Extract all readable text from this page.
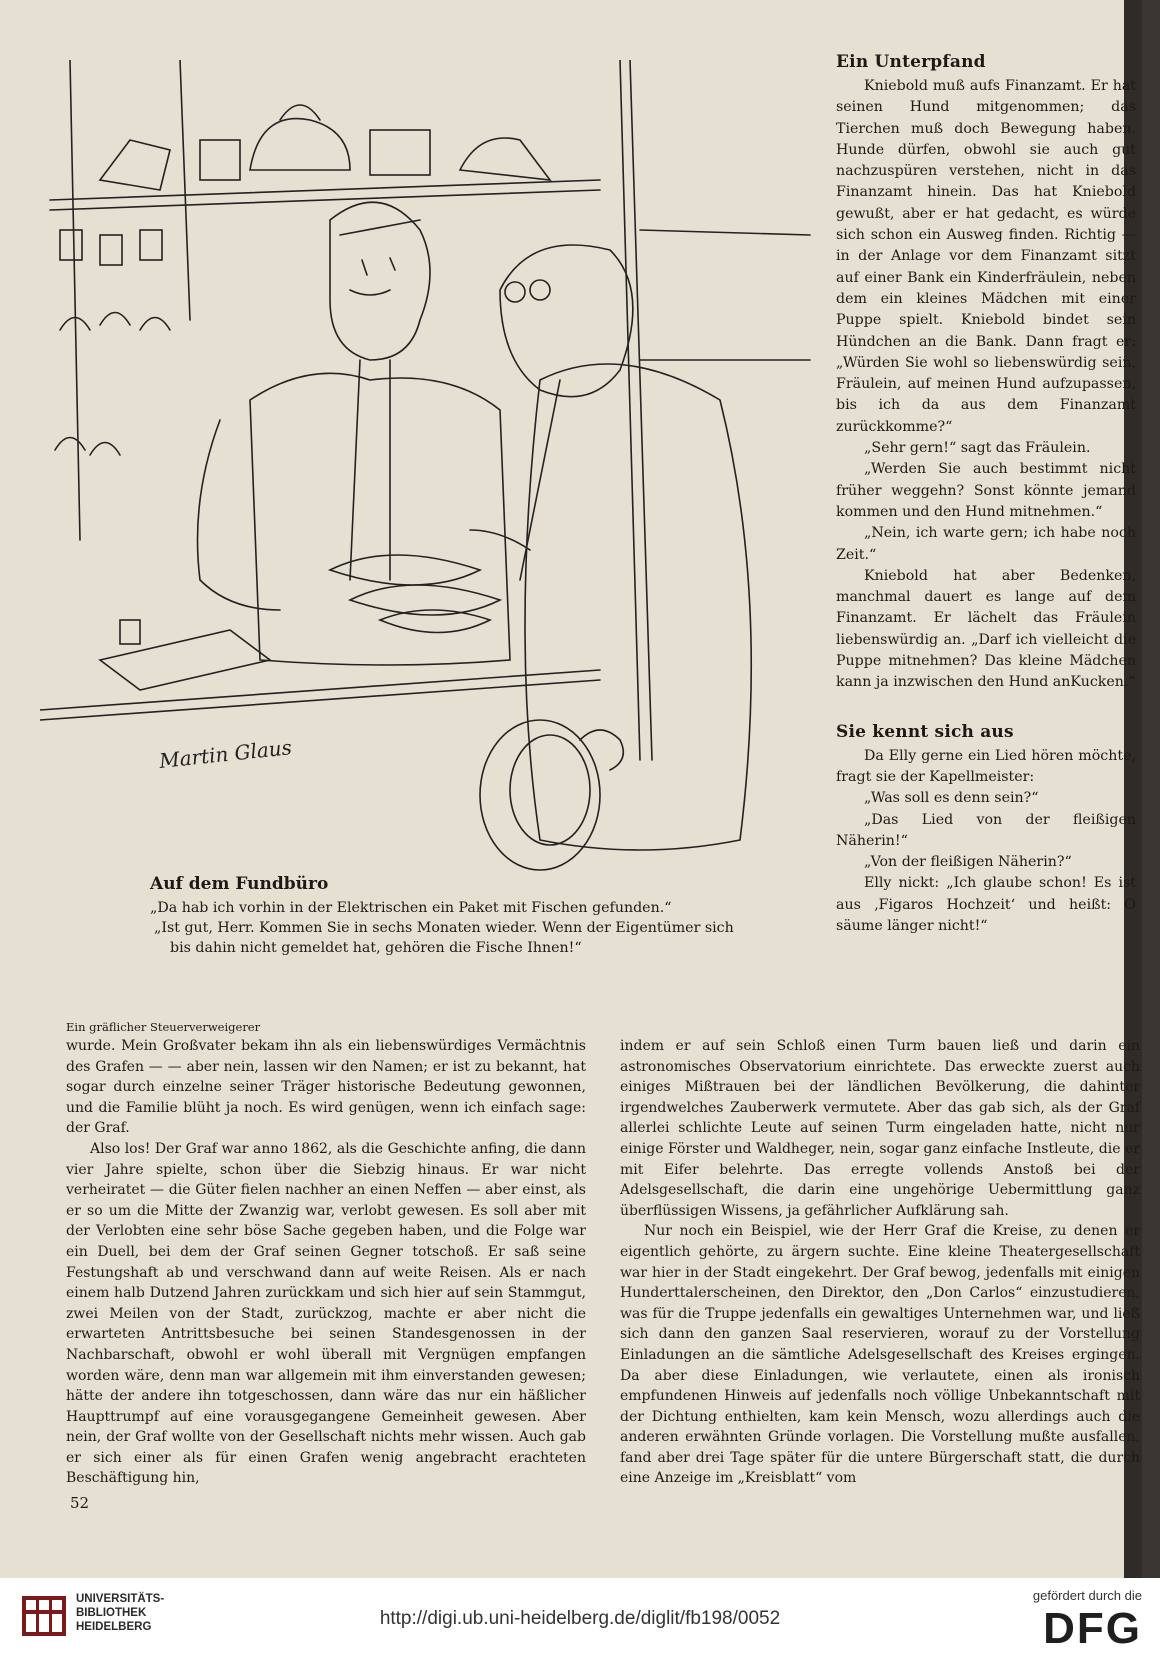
Martin Glaus
Ein Unterpfand

Kniebold muß aufs Finanzamt. Er hat seinen Hund mitgenommen; das Tierchen muß doch Bewegung haben. Hunde dürfen, obwohl sie auch gut nachzuspüren verstehen, nicht in das Finanzamt hinein. Das hat Kniebold gewußt, aber er hat gedacht, es würde sich schon ein Ausweg finden. Richtig — in der Anlage vor dem Finanzamt sitzt auf einer Bank ein Kinderfräulein, neben dem ein kleines Mädchen mit einer Puppe spielt. Kniebold bindet sein Hündchen an die Bank. Dann fragt er: „Würden Sie wohl so liebenswürdig sein, Fräulein, auf meinen Hund aufzupassen, bis ich da aus dem Finanzamt zurückkomme?“

„Sehr gern!“ sagt das Fräulein.

„Werden Sie auch bestimmt nicht früher weggehn? Sonst könnte jemand kommen und den Hund mitnehmen.“

„Nein, ich warte gern; ich habe noch Zeit.“

Kniebold hat aber Bedenken, manchmal dauert es lange auf dem Finanzamt. Er lächelt das Fräulein liebenswürdig an. „Darf ich vielleicht die Puppe mitnehmen? Das kleine Mädchen kann ja inzwischen den Hund anKucken.“

Sie kennt sich aus

Da Elly gerne ein Lied hören möchte, fragt sie der Kapellmeister:

„Was soll es denn sein?“

„Das Lied von der fleißigen Näherin!“

„Von der fleißigen Näherin?“

Elly nickt: „Ich glaube schon! Es ist aus ‚Figaros Hochzeit‘ und heißt: O säume länger nicht!“

Auf dem Fundbüro

„Da hab ich vorhin in der Elektrischen ein Paket mit Fischen gefunden.“

„Ist gut, Herr. Kommen Sie in sechs Monaten wieder. Wenn der Eigentümer sich bis dahin nicht gemeldet hat, gehören die Fische Ihnen!“

Ein gräflicher Steuerverweigerer

wurde. Mein Großvater bekam ihn als ein liebenswürdiges Vermächtnis des Grafen — — aber nein, lassen wir den Namen; er ist zu bekannt, hat sogar durch einzelne seiner Träger historische Bedeutung gewonnen, und die Familie blüht ja noch. Es wird genügen, wenn ich einfach sage: der Graf.

Also los! Der Graf war anno 1862, als die Geschichte anfing, die dann vier Jahre spielte, schon über die Siebzig hinaus. Er war nicht verheiratet — die Güter fielen nachher an einen Neffen — aber einst, als er so um die Mitte der Zwanzig war, verlobt gewesen. Es soll aber mit der Verlobten eine sehr böse Sache gegeben haben, und die Folge war ein Duell, bei dem der Graf seinen Gegner totschoß. Er saß seine Festungshaft ab und verschwand dann auf weite Reisen. Als er nach einem halb Dutzend Jahren zurückkam und sich hier auf sein Stammgut, zwei Meilen von der Stadt, zurückzog, machte er aber nicht die erwarteten Antrittsbesuche bei seinen Standesgenossen in der Nachbarschaft, obwohl er wohl überall mit Vergnügen empfangen worden wäre, denn man war allgemein mit ihm einverstanden gewesen; hätte der andere ihn totgeschossen, dann wäre das nur ein häßlicher Haupttrumpf auf eine vorausgegangene Gemeinheit gewesen. Aber nein, der Graf wollte von der Gesellschaft nichts mehr wissen. Auch gab er sich einer als für einen Grafen wenig angebracht erachteten Beschäftigung hin,

indem er auf sein Schloß einen Turm bauen ließ und darin ein astronomisches Observatorium einrichtete. Das erweckte zuerst auch einiges Mißtrauen bei der ländlichen Bevölkerung, die dahinter irgendwelches Zauberwerk vermutete. Aber das gab sich, als der Graf allerlei schlichte Leute auf seinen Turm eingeladen hatte, nicht nur einige Förster und Waldheger, nein, sogar ganz einfache Instleute, die er mit Eifer belehrte. Das erregte vollends Anstoß bei der Adelsgesellschaft, die darin eine ungehörige Uebermittlung ganz überflüssigen Wissens, ja gefährlicher Aufklärung sah.

Nur noch ein Beispiel, wie der Herr Graf die Kreise, zu denen er eigentlich gehörte, zu ärgern suchte. Eine kleine Theatergesellschaft war hier in der Stadt eingekehrt. Der Graf bewog, jedenfalls mit einigen Hunderttalerscheinen, den Direktor, den „Don Carlos“ einzustudieren, was für die Truppe jedenfalls ein gewaltiges Unternehmen war, und ließ sich dann den ganzen Saal reservieren, worauf zu der Vorstellung Einladungen an die sämtliche Adelsgesellschaft des Kreises ergingen. Da aber diese Einladungen, wie verlautete, einen als ironisch empfundenen Hinweis auf jedenfalls noch völlige Unbekanntschaft mit der Dichtung enthielten, kam kein Mensch, wozu allerdings auch die anderen erwähnten Gründe vorlagen. Die Vorstellung mußte ausfallen, fand aber drei Tage später für die untere Bürgerschaft statt, die durch eine Anzeige im „Kreisblatt“ vom

52
UNIVERSITÄTS-
BIBLIOTHEK
HEIDELBERG	http://digi.ub.uni-heidelberg.de/diglit/fb198/0052
gefördert durch die
DFG
